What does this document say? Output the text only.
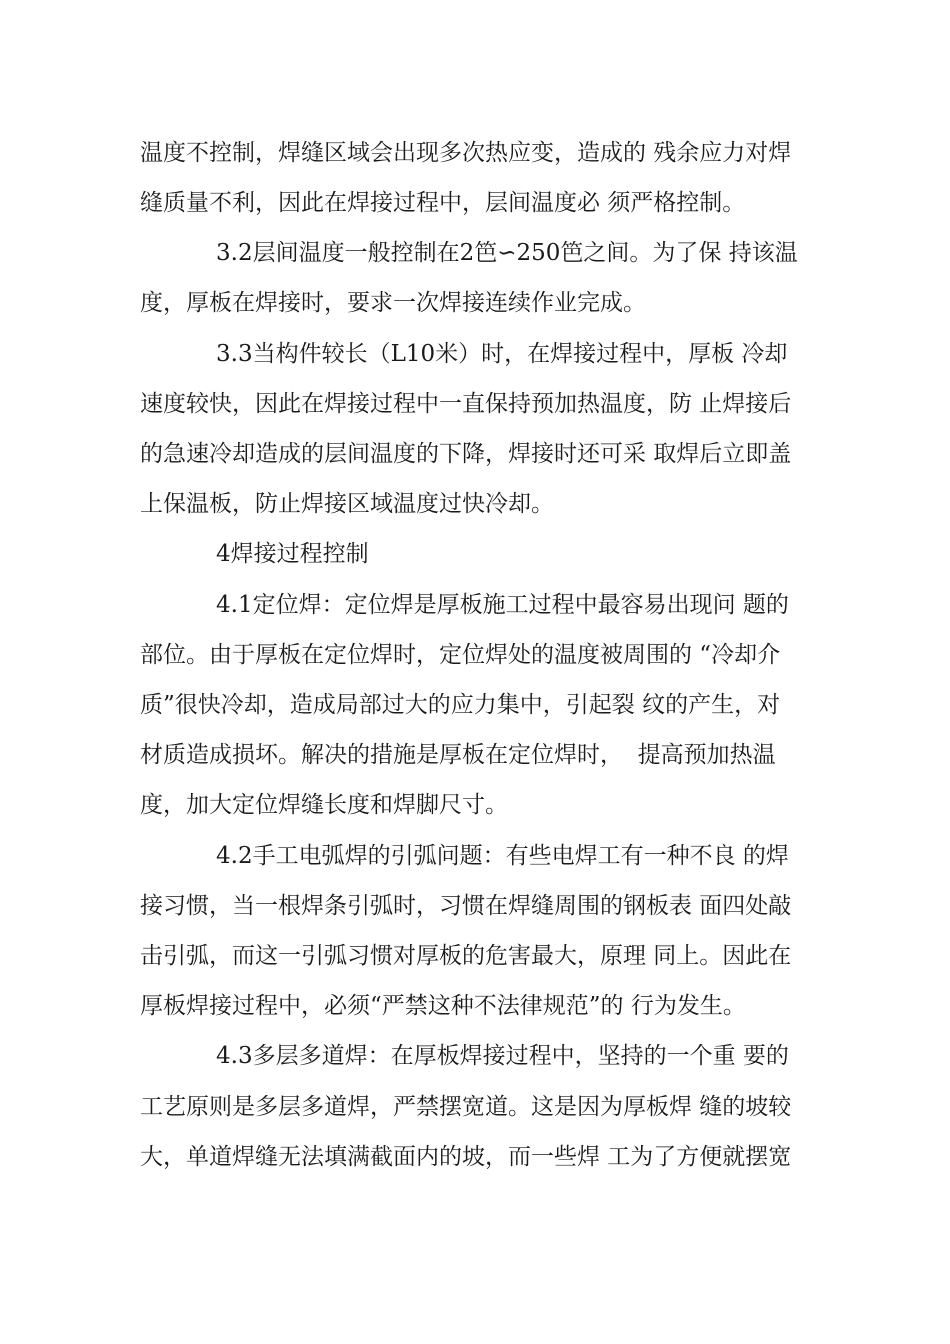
温度不控制，焊缝区域会出现多次热应变，造成的 残余应力对焊
缝质量不利，因此在焊接过程中，层间温度必 须严格控制。
3.2层间温度一般控制在2笆∽250笆之间。为了保 持该温
度，厚板在焊接时，要求一次焊接连续作业完成。
3.3当构件较长（L10米）时，在焊接过程中，厚板 冷却
速度较快，因此在焊接过程中一直保持预加热温度，防 止焊接后
的急速冷却造成的层间温度的下降，焊接时还可采 取焊后立即盖
上保温板，防止焊接区域温度过快冷却。
4焊接过程控制
4.1定位焊：定位焊是厚板施工过程中最容易出现问 题的
部位。由于厚板在定位焊时，定位焊处的温度被周围的 “冷却介
质”很快冷却，造成局部过大的应力集中，引起裂 纹的产生，对
材质造成损坏。解决的措施是厚板在定位焊时，  提高预加热温
度，加大定位焊缝长度和焊脚尺寸。
4.2手工电弧焊的引弧问题：有些电焊工有一种不良 的焊
接习惯，当一根焊条引弧时，习惯在焊缝周围的钢板表 面四处敲
击引弧，而这一引弧习惯对厚板的危害最大，原理 同上。因此在
厚板焊接过程中，必须“严禁这种不法律规范”的 行为发生。
4.3多层多道焊：在厚板焊接过程中，坚持的一个重 要的
工艺原则是多层多道焊，严禁摆宽道。这是因为厚板焊 缝的坡较
大，单道焊缝无法填满截面内的坡，而一些焊 工为了方便就摆宽
